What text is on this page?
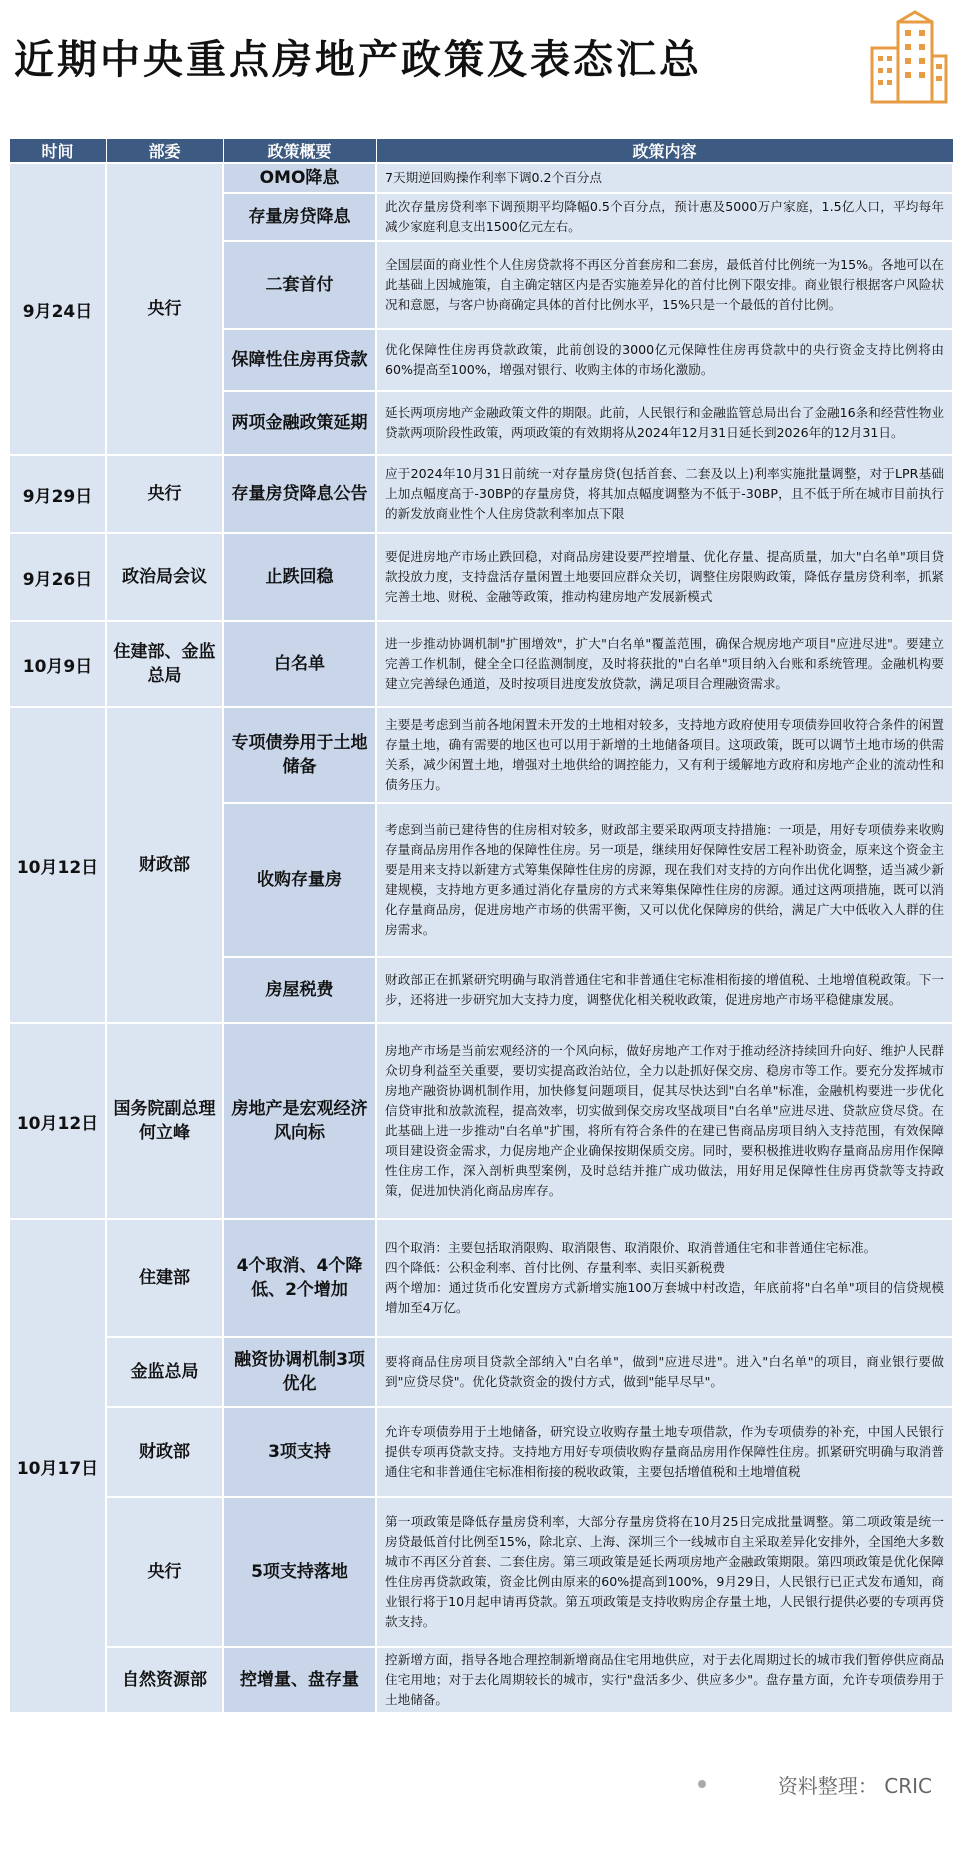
近期中央重点房地产政策及表态汇总
时间	部委	政策概要	政策内容
9月24日	央行	OMO降息	7天期逆回购操作利率下调0.2个百分点
		存量房贷降息	此次存量房贷利率下调预期平均降幅0.5个百分点，预计惠及5000万户家庭，1.5亿人口，平均每年减少家庭利息支出1500亿元左右。
		二套首付	全国层面的商业性个人住房贷款将不再区分首套房和二套房，最低首付比例统一为15%。各地可以在此基础上因城施策，自主确定辖区内是否实施差异化的首付比例下限安排。商业银行根据客户风险状况和意愿，与客户协商确定具体的首付比例水平，15%只是一个最低的首付比例。
		保障性住房再贷款	优化保障性住房再贷款政策，此前创设的3000亿元保障性住房再贷款中的央行资金支持比例将由60%提高至100%，增强对银行、收购主体的市场化激励。
		两项金融政策延期	延长两项房地产金融政策文件的期限。此前，人民银行和金融监管总局出台了金融16条和经营性物业贷款两项阶段性政策，两项政策的有效期将从2024年12月31日延长到2026年的12月31日。
9月29日	央行	存量房贷降息公告	应于2024年10月31日前统一对存量房贷(包括首套、二套及以上)利率实施批量调整，对于LPR基础上加点幅度高于-30BP的存量房贷，将其加点幅度调整为不低于-30BP，且不低于所在城市目前执行的新发放商业性个人住房贷款利率加点下限
9月26日	政治局会议	止跌回稳	要促进房地产市场止跌回稳，对商品房建设要严控增量、优化存量、提高质量，加大"白名单"项目贷款投放力度，支持盘活存量闲置土地要回应群众关切，调整住房限购政策，降低存量房贷利率，抓紧完善土地、财税、金融等政策，推动构建房地产发展新模式
10月9日	住建部、金监总局	白名单	进一步推动协调机制"扩围增效"，扩大"白名单"覆盖范围，确保合规房地产项目"应进尽进"。要建立完善工作机制，健全全口径监测制度，及时将获批的"白名单"项目纳入台账和系统管理。金融机构要建立完善绿色通道，及时按项目进度发放贷款，满足项目合理融资需求。
10月12日	财政部	专项债券用于土地储备	主要是考虑到当前各地闲置未开发的土地相对较多，支持地方政府使用专项债券回收符合条件的闲置存量土地，确有需要的地区也可以用于新增的土地储备项目。这项政策，既可以调节土地市场的供需关系，减少闲置土地，增强对土地供给的调控能力，又有利于缓解地方政府和房地产企业的流动性和债务压力。
		收购存量房	考虑到当前已建待售的住房相对较多，财政部主要采取两项支持措施：一项是，用好专项债券来收购存量商品房用作各地的保障性住房。另一项是，继续用好保障性安居工程补助资金，原来这个资金主要是用来支持以新建方式筹集保障性住房的房源，现在我们对支持的方向作出优化调整，适当减少新建规模，支持地方更多通过消化存量房的方式来筹集保障性住房的房源。通过这两项措施，既可以消化存量商品房，促进房地产市场的供需平衡，又可以优化保障房的供给，满足广大中低收入人群的住房需求。
		房屋税费	财政部正在抓紧研究明确与取消普通住宅和非普通住宅标准相衔接的增值税、土地增值税政策。下一步，还将进一步研究加大支持力度，调整优化相关税收政策，促进房地产市场平稳健康发展。
10月12日	国务院副总理何立峰	房地产是宏观经济风向标	房地产市场是当前宏观经济的一个风向标，做好房地产工作对于推动经济持续回升向好、维护人民群众切身利益至关重要，要切实提高政治站位，全力以赴抓好保交房、稳房市等工作。要充分发挥城市房地产融资协调机制作用，加快修复问题项目，促其尽快达到"白名单"标准，金融机构要进一步优化信贷审批和放款流程，提高效率，切实做到保交房攻坚战项目"白名单"应进尽进、贷款应贷尽贷。在此基础上进一步推动"白名单"扩围，将所有符合条件的在建已售商品房项目纳入支持范围，有效保障项目建设资金需求，力促房地产企业确保按期保质交房。同时，要积极推进收购存量商品房用作保障性住房工作，深入剖析典型案例，及时总结并推广成功做法，用好用足保障性住房再贷款等支持政策，促进加快消化商品房库存。
10月17日	住建部	4个取消、4个降低、2个增加	四个取消：主要包括取消限购、取消限售、取消限价、取消普通住宅和非普通住宅标准。
四个降低：公积金利率、首付比例、存量利率、卖旧买新税费
两个增加：通过货币化安置房方式新增实施100万套城中村改造，年底前将"白名单"项目的信贷规模增加至4万亿。
	金监总局	融资协调机制3项优化	要将商品住房项目贷款全部纳入"白名单"，做到"应进尽进"。进入"白名单"的项目，商业银行要做到"应贷尽贷"。优化贷款资金的拨付方式，做到"能早尽早"。
	财政部	3项支持	允许专项债券用于土地储备，研究设立收购存量土地专项借款，作为专项债券的补充，中国人民银行提供专项再贷款支持。支持地方用好专项债收购存量商品房用作保障性住房。抓紧研究明确与取消普通住宅和非普通住宅标准相衔接的税收政策，主要包括增值税和土地增值税
	央行	5项支持落地	第一项政策是降低存量房贷利率，大部分存量房贷将在10月25日完成批量调整。第二项政策是统一房贷最低首付比例至15%，除北京、上海、深圳三个一线城市自主采取差异化安排外，全国绝大多数城市不再区分首套、二套住房。第三项政策是延长两项房地产金融政策期限。第四项政策是优化保障性住房再贷款政策，资金比例由原来的60%提高到100%，9月29日，人民银行已正式发布通知，商业银行将于10月起申请再贷款。第五项政策是支持收购房企存量土地，人民银行提供必要的专项再贷款支持。
	自然资源部	控增量、盘存量	控新增方面，指导各地合理控制新增商品住宅用地供应，对于去化周期过长的城市我们暂停供应商品住宅用地；对于去化周期较长的城市，实行"盘活多少、供应多少"。盘存量方面，允许专项债券用于土地储备。
资料整理： CRIC
